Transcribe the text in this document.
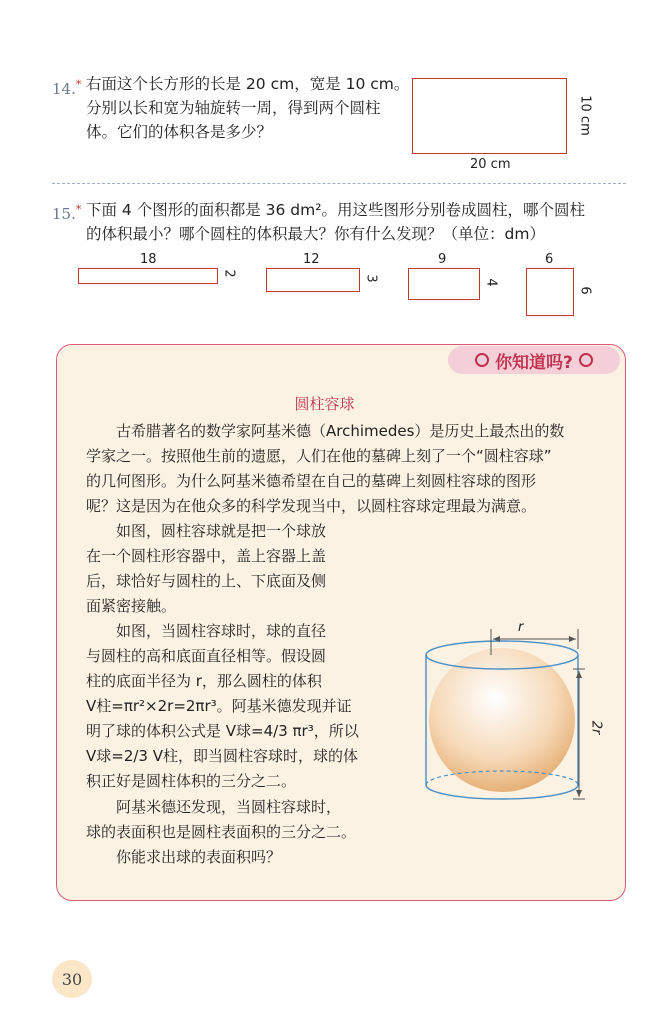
14.* 右面这个长方形的长是 20 cm，宽是 10 cm。
分别以长和宽为轴旋转一周，得到两个圆柱
体。它们的体积各是多少？
20 cm
10 cm
15.* 下面 4 个图形的面积都是 36 dm²。用这些图形分别卷成圆柱，哪个圆柱
的体积最小？哪个圆柱的体积最大？你有什么发现？（单位：dm）
18
2
12
3
9
4
6
6
你知道吗?
圆柱容球
古希腊著名的数学家阿基米德（Archimedes）是历史上最杰出的数
学家之一。按照他生前的遗愿，人们在他的墓碑上刻了一个“圆柱容球”
的几何图形。为什么阿基米德希望在自己的墓碑上刻圆柱容球的图形
呢？这是因为在他众多的科学发现当中，以圆柱容球定理最为满意。
如图，圆柱容球就是把一个球放
在一个圆柱形容器中，盖上容器上盖
后，球恰好与圆柱的上、下底面及侧
面紧密接触。
如图，当圆柱容球时，球的直径
与圆柱的高和底面直径相等。假设圆
柱的底面半径为 r，那么圆柱的体积
V柱=πr²×2r=2πr³。阿基米德发现并证
明了球的体积公式是 V球=4/3 πr³，所以
V球=2/3 V柱，即当圆柱容球时，球的体
积正好是圆柱体积的三分之二。
阿基米德还发现，当圆柱容球时，
球的表面积也是圆柱表面积的三分之二。
你能求出球的表面积吗？
r
2r
30
